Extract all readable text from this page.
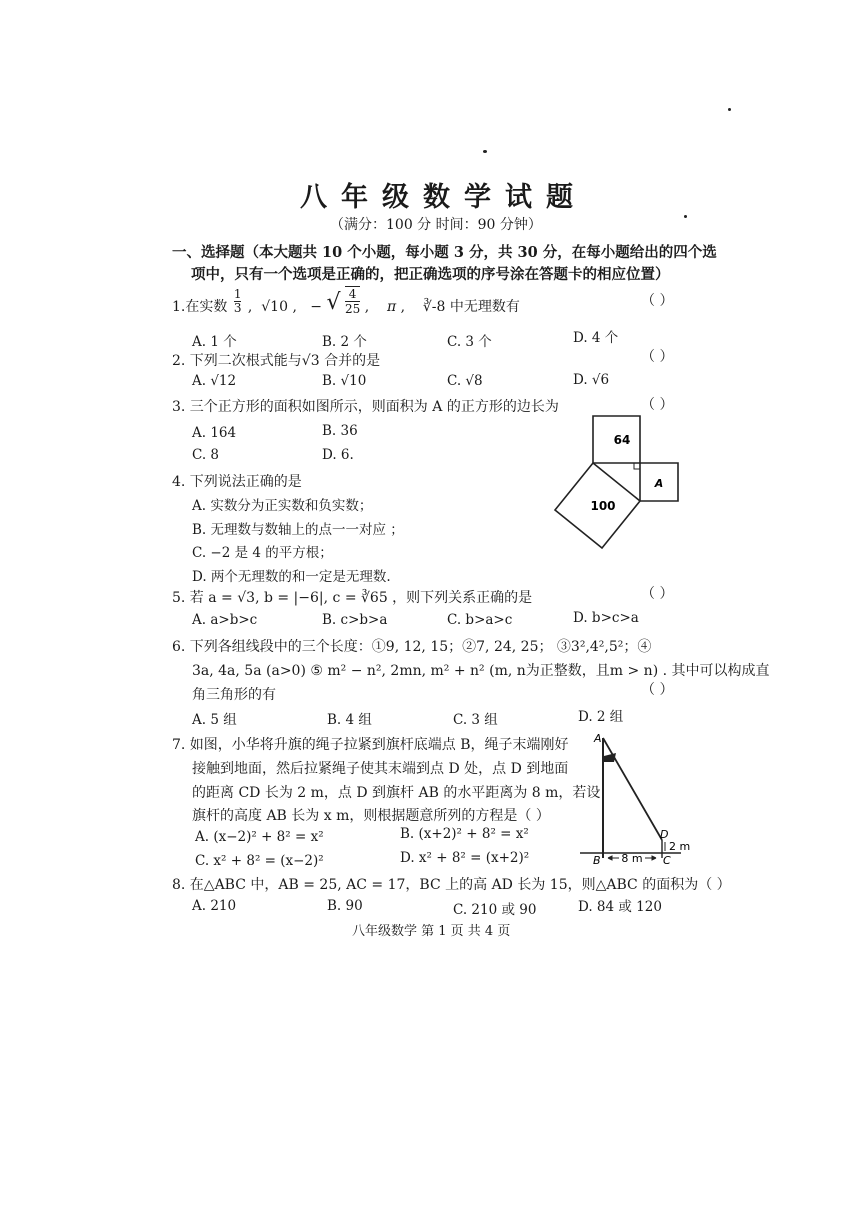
八年级数学试题
（满分：100 分 时间：90 分钟）
一、选择题（本大题共 10 个小题，每小题 3 分，共 30 分，在每小题给出的四个选
项中，只有一个选项是正确的，把正确选项的序号涂在答题卡的相应位置）
1.在实数 $\frac{1}{3}$ ,  √10 ,   − √ $\frac{4}{25}$ ,    π ,    ∛-8 中无理数有	（ ）
A. 1 个	B. 2 个	C. 3 个	D. 4 个
2. 下列二次根式能与√3 合并的是	（ ）
A. √12	B. √10	C. √8	D. √6
3. 三个正方形的面积如图所示，则面积为 A 的正方形的边长为	（ ）
A. 164	B. 36
C. 8	D. 6.
64
A
100
4. 下列说法正确的是
A. 实数分为正实数和负实数；
B. 无理数与数轴上的点一一对应 ；
C. −2 是 4 的平方根；
D. 两个无理数的和一定是无理数.
5. 若 a = √3, b = |−6|, c = ∛65 ，则下列关系正确的是	（ ）
A. a>b>c	B. c>b>a	C. b>a>c	D. b>c>a
6. 下列各组线段中的三个长度：①9, 12, 15；②7, 24, 25； ③3²,4²,5²；④
3a, 4a, 5a (a>0) ⑤ m² − n², 2mn, m² + n² (m, n为正整数，且m > n) . 其中可以构成直
角三角形的有	（ ）
A. 5 组	B. 4 组	C. 3 组	D. 2 组
7. 如图，小华将升旗的绳子拉紧到旗杆底端点 B，绳子末端刚好
接触到地面，然后拉紧绳子使其末端到点 D 处，点 D 到地面
的距离 CD 长为 2 m，点 D 到旗杆 AB 的水平距离为 8 m，若设
旗杆的高度 AB 长为 x m，则根据题意所列的方程是（ ）
A. (x−2)² + 8² = x²	B. (x+2)² + 8² = x²
C. x² + 8² = (x−2)²	D. x² + 8² = (x+2)²
A
B	C
D
2 m
8 m
8. 在△ABC 中，AB = 25, AC = 17，BC 上的高 AD 长为 15，则△ABC 的面积为（ ）
A. 210	B. 90	C. 210 或 90	D. 84 或 120
八年级数学 第 1 页 共 4 页
